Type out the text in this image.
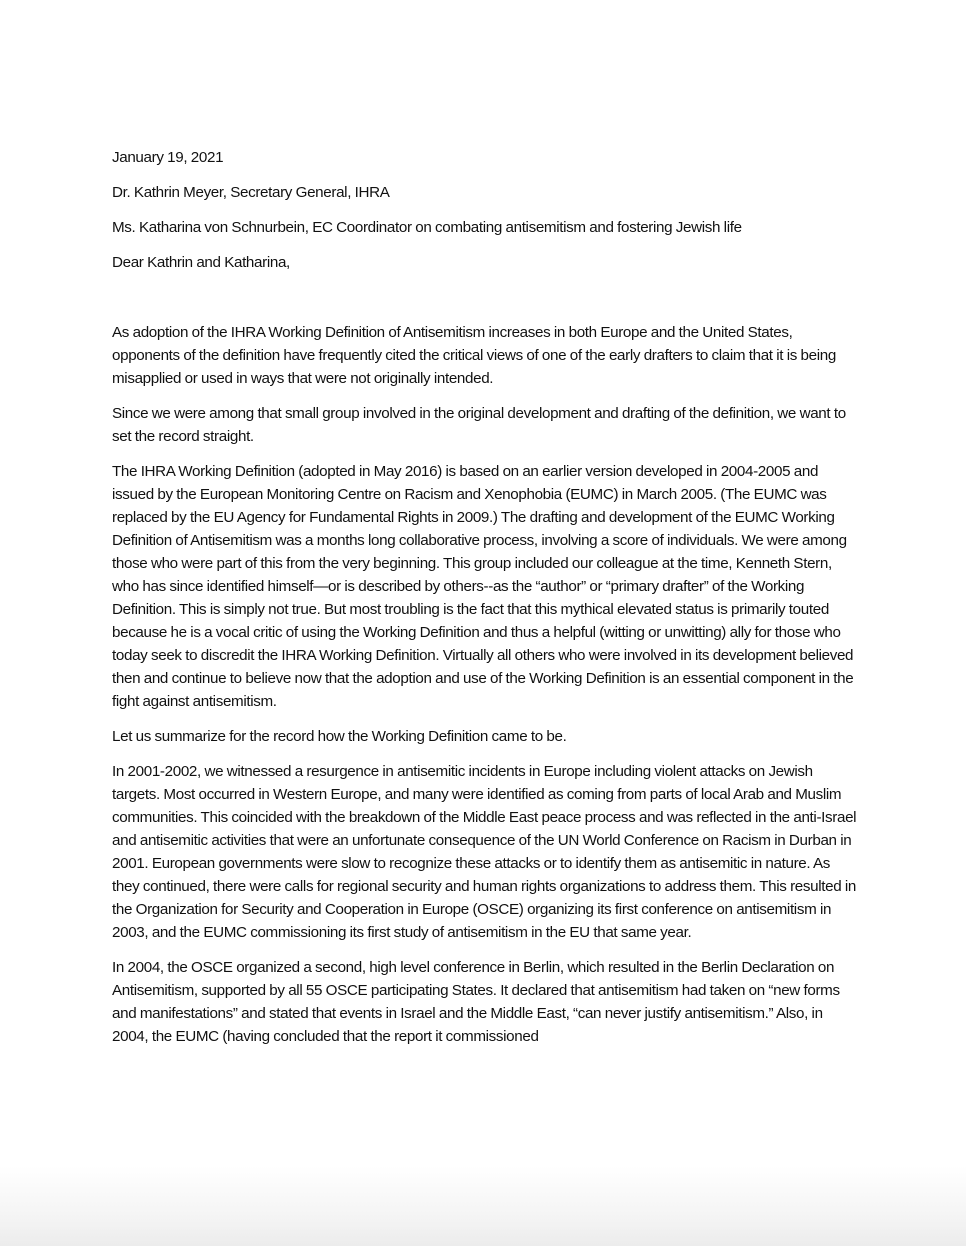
January 19, 2021

Dr. Kathrin Meyer, Secretary General, IHRA

Ms. Katharina von Schnurbein, EC Coordinator on combating antisemitism and fostering Jewish life

Dear Kathrin and Katharina,

As adoption of the IHRA Working Definition of Antisemitism increases in both Europe and the United States, opponents of the definition have frequently cited the critical views of one of the early drafters to claim that it is being misapplied or used in ways that were not originally intended.

Since we were among that small group involved in the original development and drafting of the definition, we want to set the record straight.

The IHRA Working Definition (adopted in May 2016) is based on an earlier version developed in 2004-2005 and issued by the European Monitoring Centre on Racism and Xenophobia (EUMC) in March 2005. (The EUMC was replaced by the EU Agency for Fundamental Rights in 2009.) The drafting and development of the EUMC Working Definition of Antisemitism was a months long collaborative process, involving a score of individuals. We were among those who were part of this from the very beginning. This group included our colleague at the time, Kenneth Stern, who has since identified himself—or is described by others--as the “author” or “primary drafter” of the Working Definition. This is simply not true. But most troubling is the fact that this mythical elevated status is primarily touted because he is a vocal critic of using the Working Definition and thus a helpful (witting or unwitting) ally for those who today seek to discredit the IHRA Working Definition. Virtually all others who were involved in its development believed then and continue to believe now that the adoption and use of the Working Definition is an essential component in the fight against antisemitism.

Let us summarize for the record how the Working Definition came to be.

In 2001-2002, we witnessed a resurgence in antisemitic incidents in Europe including violent attacks on Jewish targets. Most occurred in Western Europe, and many were identified as coming from parts of local Arab and Muslim communities. This coincided with the breakdown of the Middle East peace process and was reflected in the anti-Israel and antisemitic activities that were an unfortunate consequence of the UN World Conference on Racism in Durban in 2001. European governments were slow to recognize these attacks or to identify them as antisemitic in nature. As they continued, there were calls for regional security and human rights organizations to address them. This resulted in the Organization for Security and Cooperation in Europe (OSCE) organizing its first conference on antisemitism in 2003, and the EUMC commissioning its first study of antisemitism in the EU that same year.

In 2004, the OSCE organized a second, high level conference in Berlin, which resulted in the Berlin Declaration on Antisemitism, supported by all 55 OSCE participating States. It declared that antisemitism had taken on “new forms and manifestations” and stated that events in Israel and the Middle East, “can never justify antisemitism.” Also, in 2004, the EUMC (having concluded that the report it commissioned
